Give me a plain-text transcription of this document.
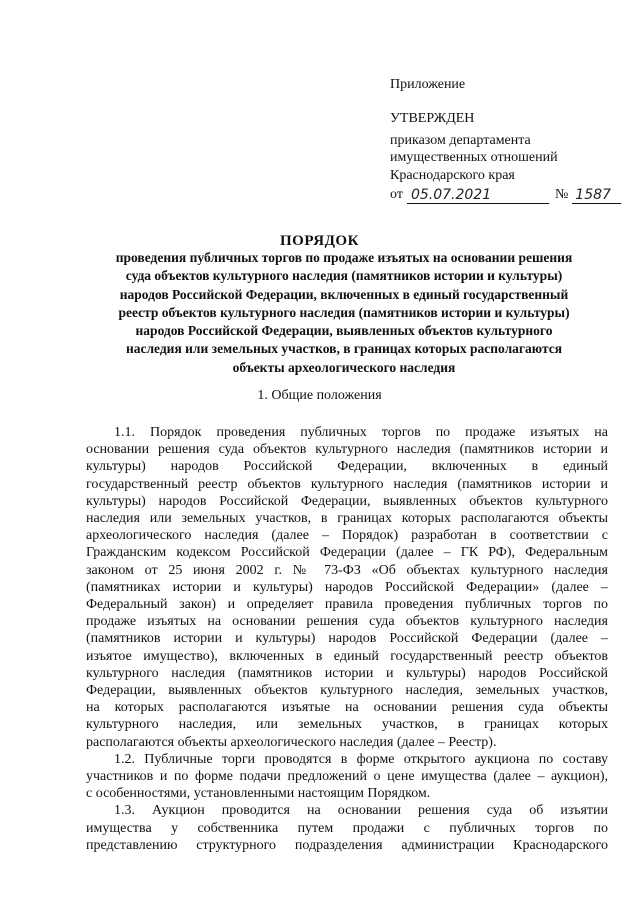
Приложение
УТВЕРЖДЕН
приказом департамента
имущественных отношений
Краснодарского края
от 05.07.2021	№ 1587
ПОРЯДОК
проведения публичных торгов по продаже изъятых на основании решения
суда объектов культурного наследия (памятников истории и культуры)
народов Российской Федерации, включенных в единый государственный
реестр объектов культурного наследия (памятников истории и культуры)
народов Российской Федерации, выявленных объектов культурного
наследия или земельных участков, в границах которых располагаются
объекты археологического наследия
1. Общие положения
1.1. Порядок проведения публичных торгов по продаже изъятых на
основании решения суда объектов культурного наследия (памятников истории и
культуры) народов Российской Федерации, включенных в единый
государственный реестр объектов культурного наследия (памятников истории и
культуры) народов Российской Федерации, выявленных объектов культурного
наследия или земельных участков, в границах которых располагаются объекты
археологического наследия (далее – Порядок) разработан в соответствии с
Гражданским кодексом Российской Федерации (далее – ГК РФ), Федеральным
законом от 25 июня 2002 г. № 73-ФЗ «Об объектах культурного наследия
(памятниках истории и культуры) народов Российской Федерации» (далее –
Федеральный закон) и определяет правила проведения публичных торгов по
продаже изъятых на основании решения суда объектов культурного наследия
(памятников истории и культуры) народов Российской Федерации (далее –
изъятое имущество), включенных в единый государственный реестр объектов
культурного наследия (памятников истории и культуры) народов Российской
Федерации, выявленных объектов культурного наследия, земельных участков,
на которых располагаются изъятые на основании решения суда объекты
культурного наследия, или земельных участков, в границах которых
располагаются объекты археологического наследия (далее – Реестр).
1.2. Публичные торги проводятся в форме открытого аукциона по составу
участников и по форме подачи предложений о цене имущества (далее – аукцион),
с особенностями, установленными настоящим Порядком.
1.3. Аукцион проводится на основании решения суда об изъятии
имущества у собственника путем продажи с публичных торгов по
представлению структурного подразделения администрации Краснодарского
